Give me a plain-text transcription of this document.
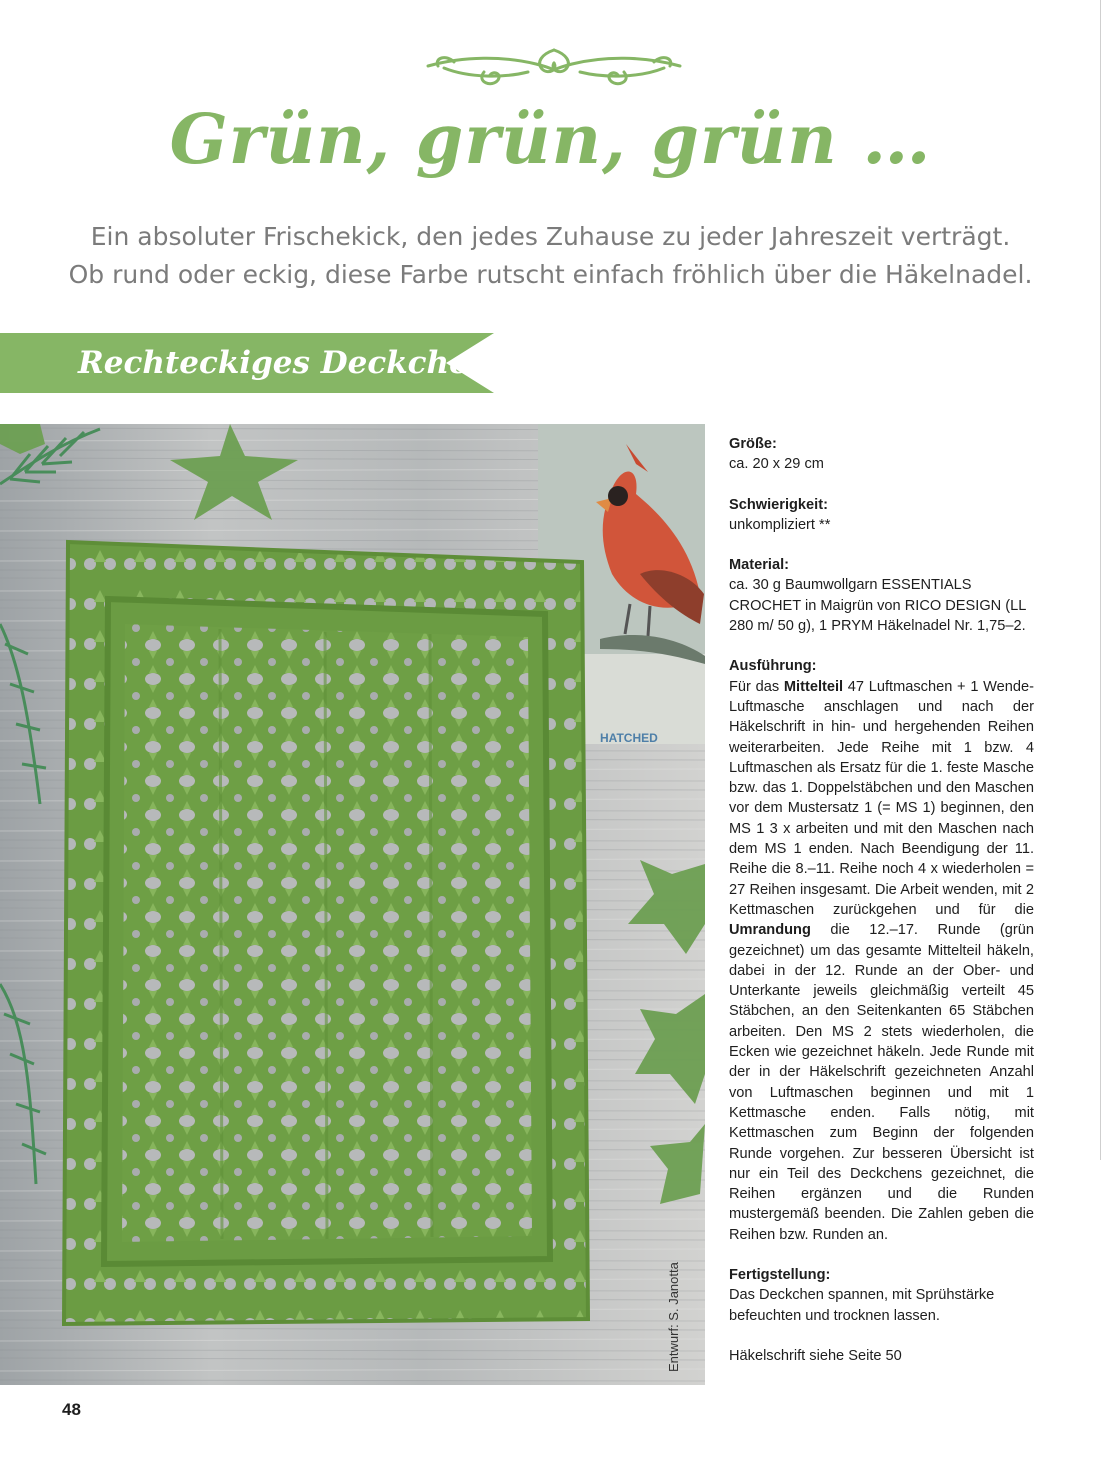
Grün, grün, grün …
Ein absoluter Frischekick, den jedes Zuhause zu jeder Jahreszeit verträgt.
Ob rund oder eckig, diese Farbe rutscht einfach fröhlich über die Häkelnadel.
Rechteckiges Deckchen
HATCHED
Entwurf: S. Janotta

Größe:

ca. 20 x 29 cm

Schwierigkeit:

unkompliziert **

Material:

ca. 30 g Baumwollgarn ESSENTIALS CROCHET in Maigrün von RICO DESIGN (LL 280 m/ 50 g), 1 PRYM Häkelnadel Nr. 1,75–2.

Ausführung:

Für das Mittelteil 47 Luftmaschen + 1 Wende-Luftmasche anschlagen und nach der Häkelschrift in hin- und hergehenden Reihen weiterarbeiten. Jede Reihe mit 1 bzw. 4 Luftmaschen als Ersatz für die 1. feste Masche bzw. das 1. Doppelstäbchen und den Maschen vor dem Mustersatz 1 (= MS 1) beginnen, den MS 1 3 x arbeiten und mit den Maschen nach dem MS 1 enden. Nach Beendigung der 11. Reihe die 8.–11. Reihe noch 4 x wiederholen = 27 Reihen insgesamt. Die Arbeit wenden, mit 2 Kettmaschen zurückgehen und für die Umrandung die 12.–17. Runde (grün gezeichnet) um das gesamte Mittelteil häkeln, dabei in der 12. Runde an der Ober- und Unterkante jeweils gleichmäßig verteilt 45 Stäbchen, an den Seitenkanten 65 Stäbchen arbeiten. Den MS 2 stets wiederholen, die Ecken wie gezeichnet häkeln. Jede Runde mit der in der Häkelschrift gezeichneten Anzahl von Luftmaschen beginnen und mit 1 Kettmasche enden. Falls nötig, mit Kettmaschen zum Beginn der folgenden Runde vorgehen. Zur besseren Übersicht ist nur ein Teil des Deckchens gezeichnet, die Reihen ergänzen und die Runden mustergemäß beenden. Die Zahlen geben die Reihen bzw. Runden an.

Fertigstellung:

Das Deckchen spannen, mit Sprühstärke befeuchten und trocknen lassen.

Häkelschrift siehe Seite 50

48
